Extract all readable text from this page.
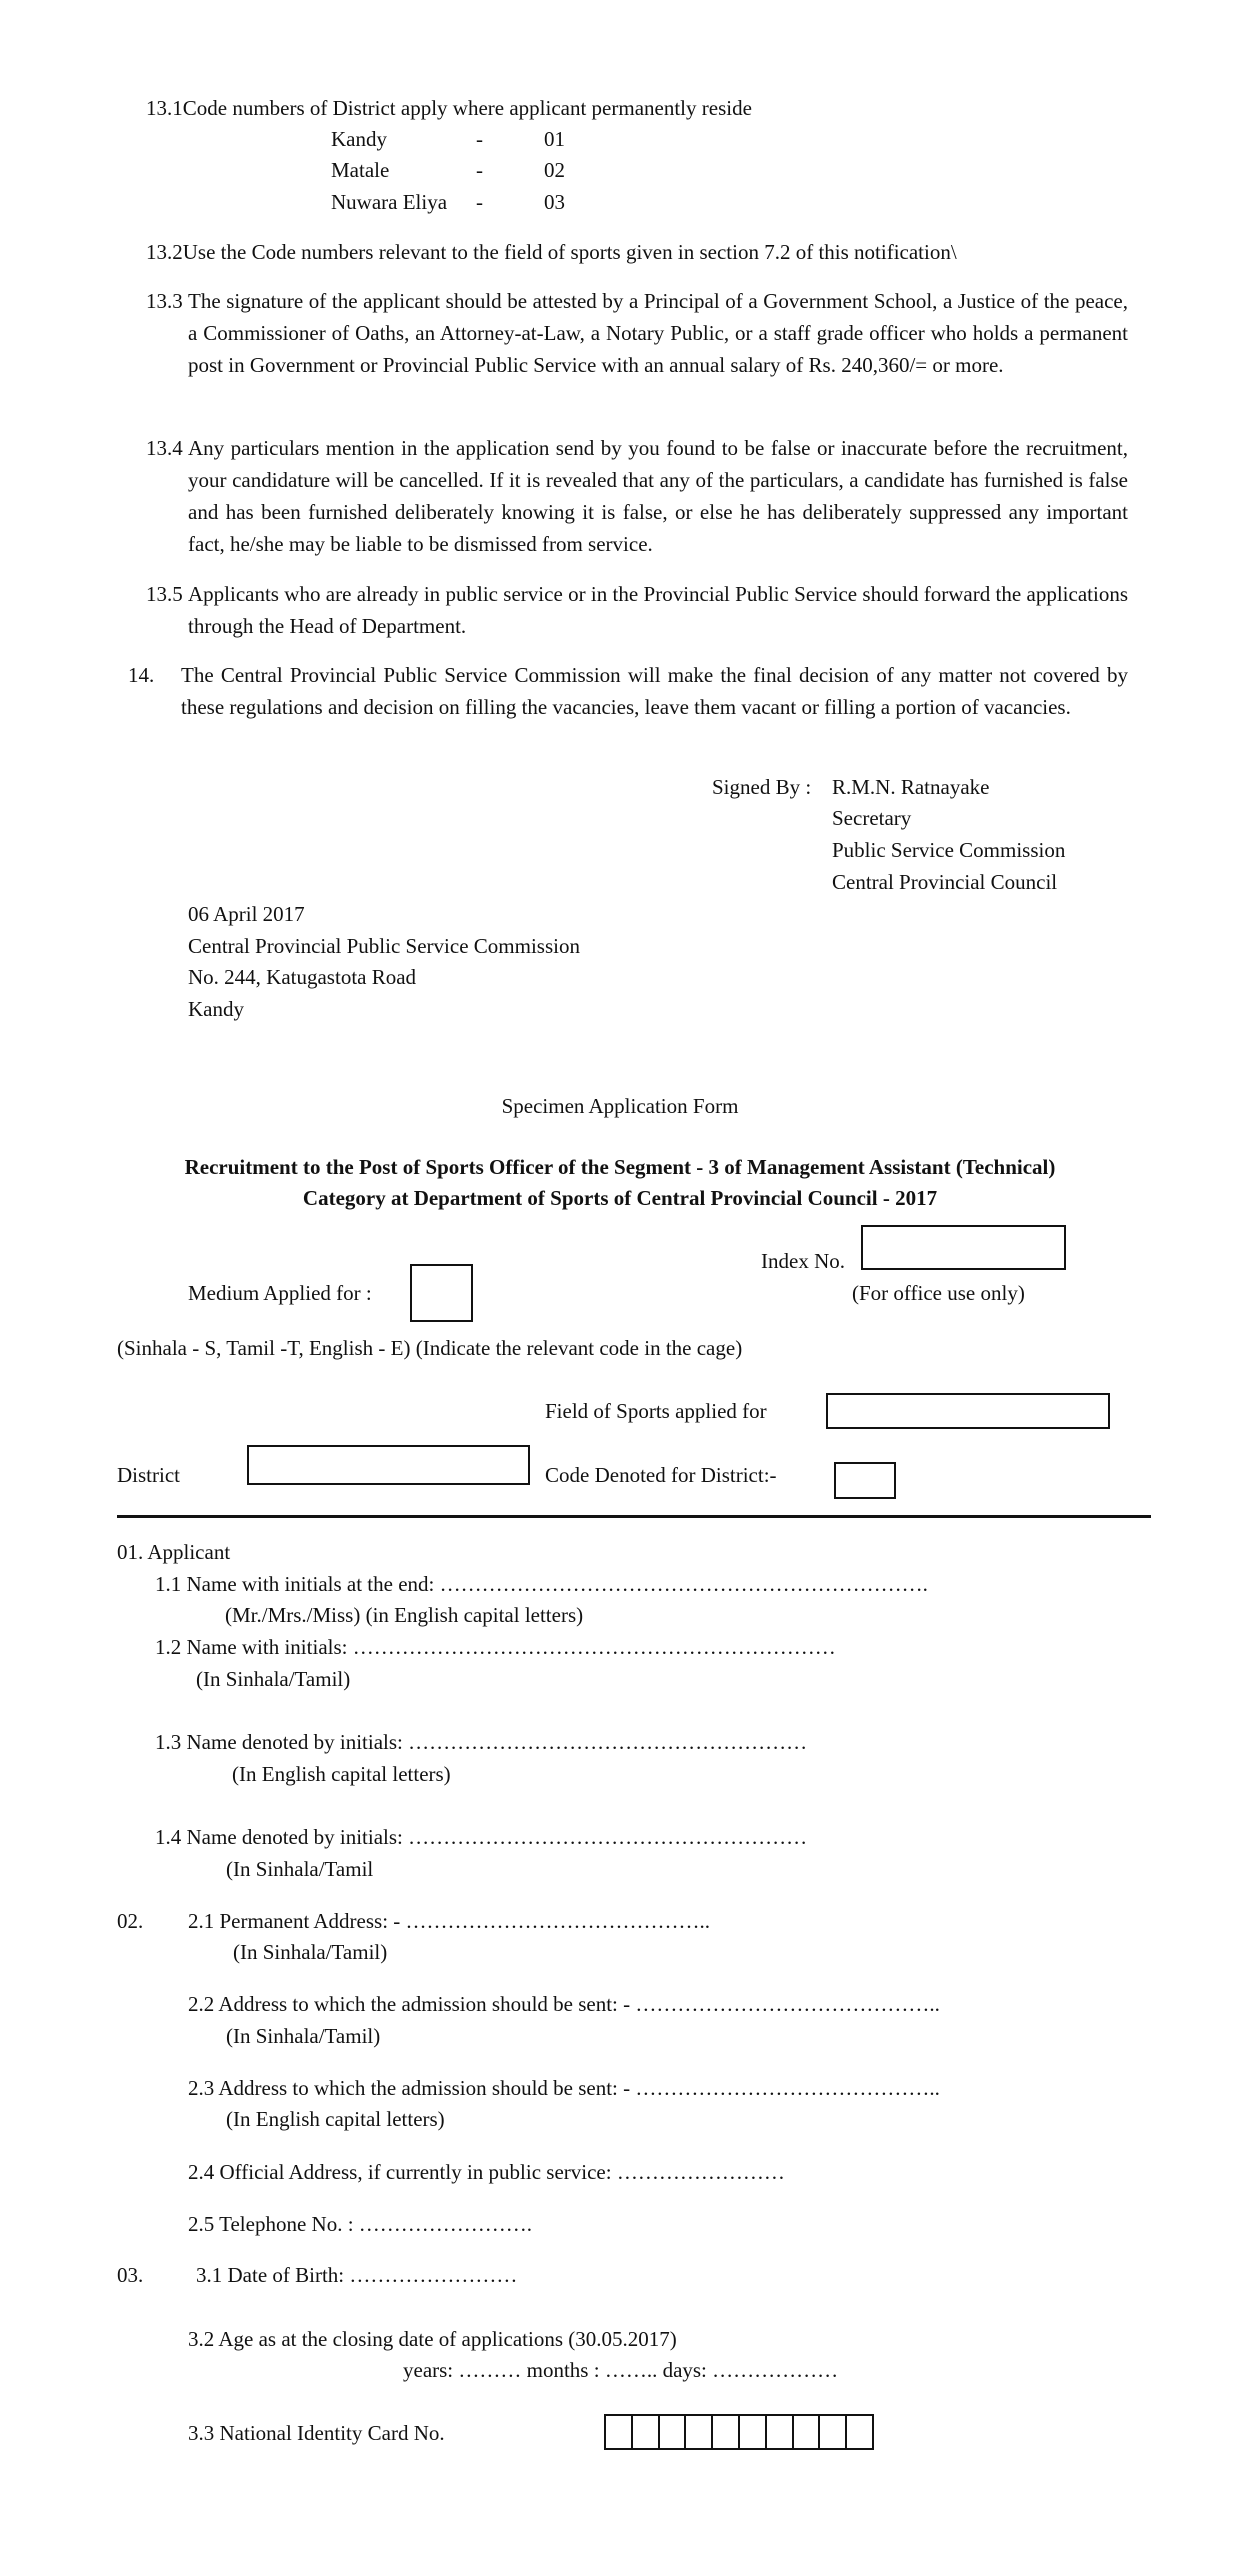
13.1Code numbers of District apply where applicant permanently reside
Kandy	-	01
Matale	-	02
Nuwara Eliya -	03
13.2Use the Code numbers relevant to the field of sports given in section 7.2 of this notification\
13.3 The signature of the applicant should be attested by a Principal of a Government School, a Justice of the peace, a Commissioner of Oaths, an Attorney-at-Law, a Notary Public, or a staff grade officer who holds a permanent post in Government or Provincial Public Service with an annual salary of Rs. 240,360/= or more.
13.4 Any particulars mention in the application send by you found to be false or inaccurate before the recruitment, your candidature will be cancelled. If it is revealed that any of the particulars, a candidate has furnished is false and has been furnished deliberately knowing it is false, or else he has deliberately suppressed any important fact, he/she may be liable to be dismissed from service.
13.5 Applicants who are already in public service or in the Provincial Public Service should forward the applications through the Head of Department.
14. The Central Provincial Public Service Commission will make the final decision of any matter not covered by these regulations and decision on filling the vacancies, leave them vacant or filling a portion of vacancies.
Signed By : R.M.N. Ratnayake
Secretary
Public Service Commission
Central Provincial Council
06 April 2017
Central Provincial Public Service Commission
No. 244, Katugastota Road
Kandy
Specimen Application Form
Recruitment to the Post of Sports Officer of the Segment - 3 of Management Assistant (Technical)
Category at Department of Sports of Central Provincial Council - 2017
Index No.
(For office use only)
Medium Applied for :
(Sinhala - S, Tamil -T, English - E) (Indicate the relevant code in the cage)
Field of Sports applied for
District	Code Denoted for District:-
01. Applicant
1.1 Name with initials at the end: …………………………………………………………….
(Mr./Mrs./Miss) (in English capital letters)
1.2 Name with initials: ……………………………………………………………
(In Sinhala/Tamil)
1.3 Name denoted by initials: …………………………………………………
(In English capital letters)
1.4 Name denoted by initials: …………………………………………………
(In Sinhala/Tamil
02. 2.1 Permanent Address: - ……………………………………..
(In Sinhala/Tamil)
2.2 Address to which the admission should be sent: - ……………………………………..
(In Sinhala/Tamil)
2.3 Address to which the admission should be sent: - ……………………………………..
(In English capital letters)
2.4 Official Address, if currently in public service: ……………………
2.5 Telephone No. : …………………….
03.	3.1 Date of Birth: ……………………
3.2 Age as at the closing date of applications (30.05.2017)
years: ……… months : …….. days: ………………
3.3 National Identity Card No.
